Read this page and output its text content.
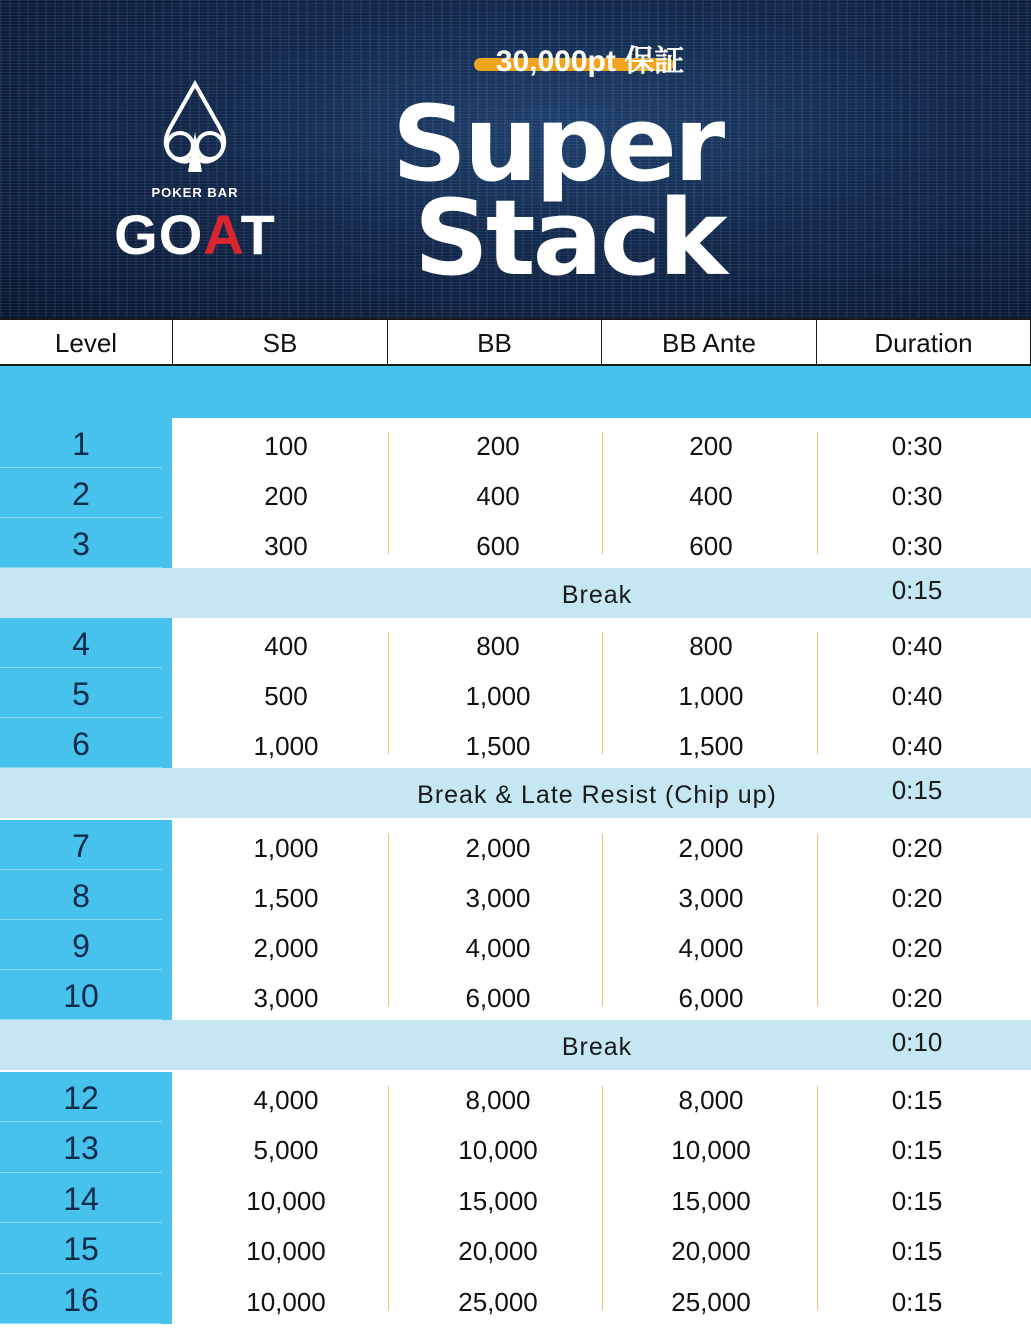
POKER BAR
GOAT
30,000pt 保証
Super
Stack
Level	SB	BB	BB Ante	Duration
1	100	200	200	0:30
2	200	400	400	0:30
3	300	600	600	0:30
Break	0:15
4	400	800	800	0:40
5	500	1,000	1,000	0:40
6	1,000	1,500	1,500	0:40
Break & Late Resist (Chip up)	0:15
7	1,000	2,000	2,000	0:20
8	1,500	3,000	3,000	0:20
9	2,000	4,000	4,000	0:20
10	3,000	6,000	6,000	0:20
Break	0:10
12	4,000	8,000	8,000	0:15
13	5,000	10,000	10,000	0:15
14	10,000	15,000	15,000	0:15
15	10,000	20,000	20,000	0:15
16	10,000	25,000	25,000	0:15
